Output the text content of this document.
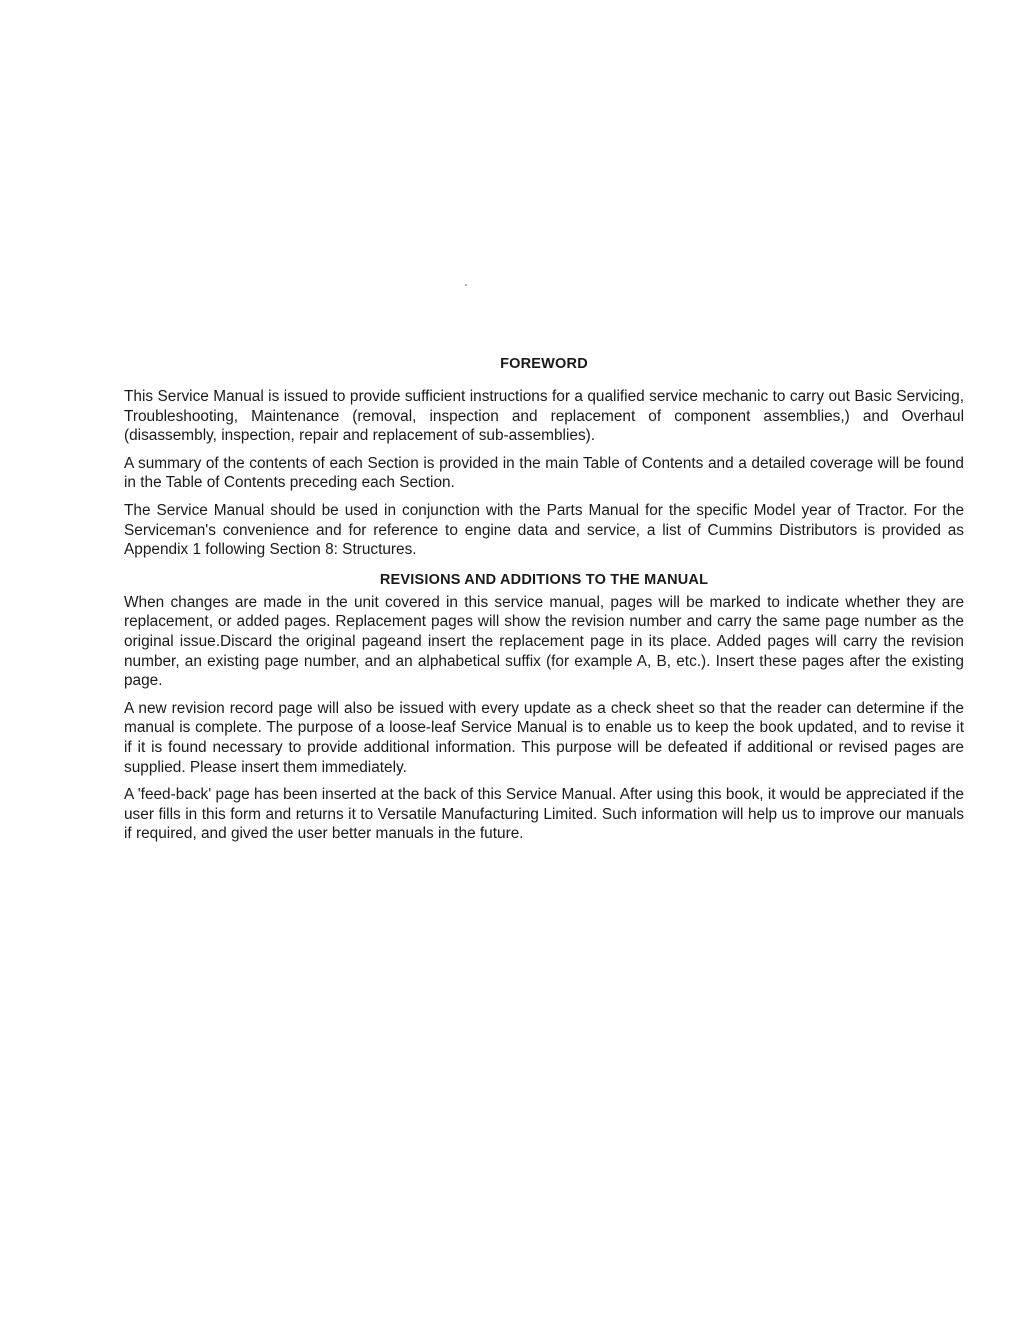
FOREWORD

This Service Manual is issued to provide sufficient instructions for a qualified service mechanic to carry out Basic Servicing, Troubleshooting, Maintenance (removal, inspection and replacement of component assemblies,) and Overhaul (disassembly, inspection, repair and replacement of sub-assemblies).

A summary of the contents of each Section is provided in the main Table of Contents and a detailed coverage will be found in the Table of Contents preceding each Section.

The Service Manual should be used in conjunction with the Parts Manual for the specific Model year of Tractor. For the Serviceman's convenience and for reference to engine data and service, a list of Cummins Distributors is provided as Appendix 1 following Section 8: Structures.

REVISIONS AND ADDITIONS TO THE MANUAL

When changes are made in the unit covered in this service manual, pages will be marked to indicate whether they are replacement, or added pages. Replacement pages will show the revision number and carry the same page number as the original issue.Discard the original pageand insert the replacement page in its place. Added pages will carry the revision number, an existing page number, and an alphabetical suffix (for example A, B, etc.). Insert these pages after the existing page.

A new revision record page will also be issued with every update as a check sheet so that the reader can determine if the manual is complete. The purpose of a loose-leaf Service Manual is to enable us to keep the book updated, and to revise it if it is found necessary to provide additional information. This purpose will be defeated if additional or revised pages are supplied. Please insert them immediately.

A 'feed-back' page has been inserted at the back of this Service Manual. After using this book, it would be appreciated if the user fills in this form and returns it to Versatile Manufacturing Limited. Such information will help us to improve our manuals if required, and gived the user better manuals in the future.
